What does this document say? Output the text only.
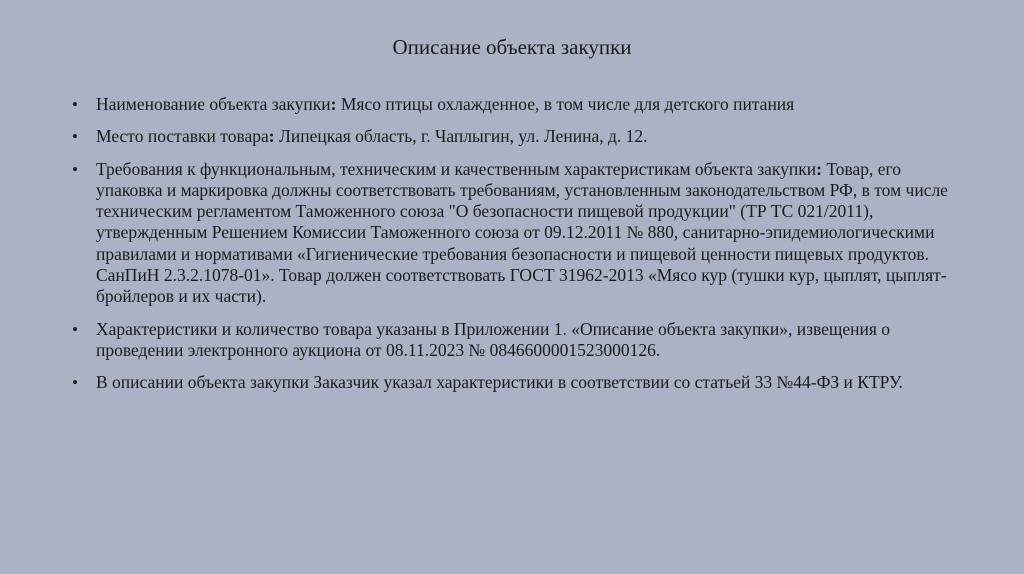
Описание объекта закупки
•	Наименование объекта закупки: Мясо птицы охлажденное, в том числе для детского питания
•	Место поставки товара: Липецкая область, г. Чаплыгин, ул. Ленина, д. 12.
•	Требования к функциональным, техническим и качественным характеристикам объекта закупки: Товар, его упаковка и маркировка должны соответствовать требованиям, установленным законодательством РФ, в том числе техническим регламентом Таможенного союза "О безопасности пищевой продукции" (ТР ТС 021/2011), утвержденным Решением Комиссии Таможенного союза от 09.12.2011 № 880, санитарно-эпидемиологическими правилами и нормативами «Гигиенические требования безопасности и пищевой ценности пищевых продуктов. СанПиН 2.3.2.1078-01». Товар должен соответствовать ГОСТ 31962-2013 «Мясо кур (тушки кур, цыплят, цыплят-бройлеров и их части).
•	Характеристики и количество товара указаны в Приложении 1. «Описание объекта закупки», извещения о проведении электронного аукциона от 08.11.2023 № 0846600001523000126.
•	В описании объекта закупки Заказчик указал характеристики в соответствии со статьей 33 №44-ФЗ и КТРУ.
